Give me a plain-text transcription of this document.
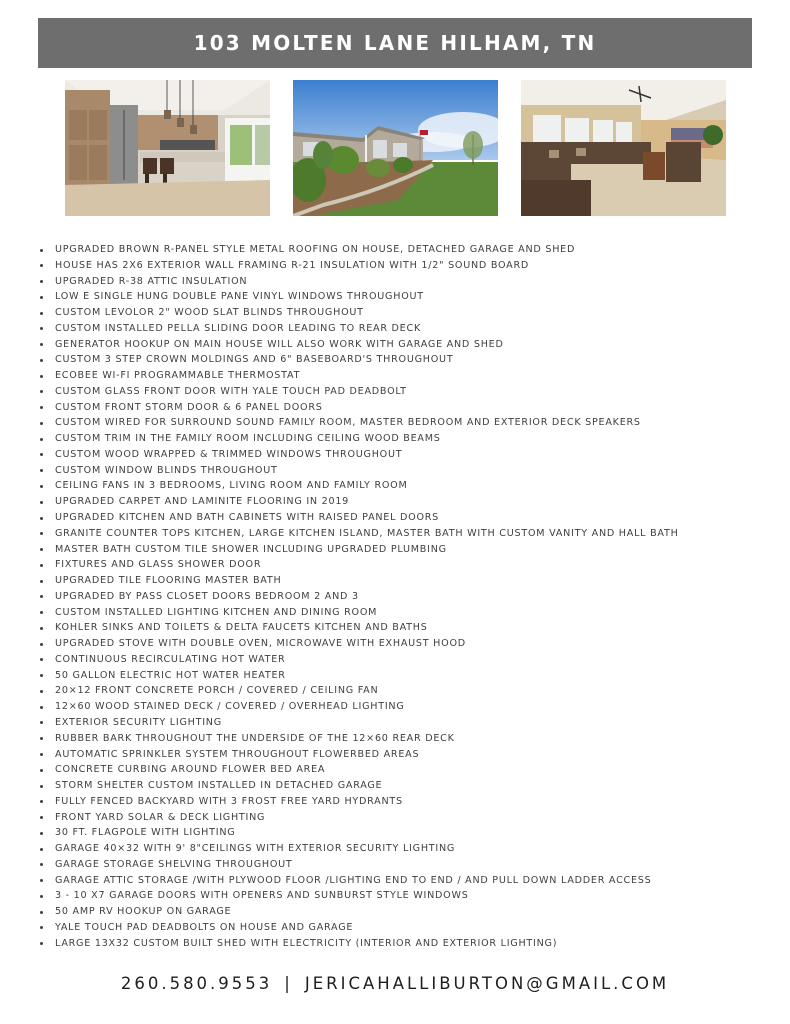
103 MOLTEN LANE HILHAM, TN
UPGRADED BROWN R-PANEL STYLE METAL ROOFING ON HOUSE, DETACHED GARAGE AND SHED
HOUSE HAS 2X6 EXTERIOR WALL FRAMING R-21 INSULATION WITH 1/2" SOUND BOARD
UPGRADED R-38 ATTIC INSULATION
LOW E SINGLE HUNG DOUBLE PANE VINYL WINDOWS THROUGHOUT
CUSTOM LEVOLOR 2" WOOD SLAT BLINDS THROUGHOUT
CUSTOM INSTALLED PELLA SLIDING DOOR LEADING TO REAR DECK
GENERATOR HOOKUP ON MAIN HOUSE WILL ALSO WORK WITH GARAGE AND SHED
CUSTOM 3 STEP CROWN MOLDINGS AND 6" BASEBOARD'S THROUGHOUT
ECOBEE WI-FI PROGRAMMABLE THERMOSTAT
CUSTOM GLASS FRONT DOOR WITH YALE TOUCH PAD DEADBOLT
CUSTOM FRONT STORM DOOR & 6 PANEL DOORS
CUSTOM WIRED FOR SURROUND SOUND FAMILY ROOM, MASTER BEDROOM AND EXTERIOR DECK SPEAKERS
CUSTOM TRIM IN THE FAMILY ROOM INCLUDING CEILING WOOD BEAMS
CUSTOM WOOD WRAPPED & TRIMMED WINDOWS THROUGHOUT
CUSTOM WINDOW BLINDS THROUGHOUT
CEILING FANS IN 3 BEDROOMS, LIVING ROOM AND FAMILY ROOM
UPGRADED CARPET AND LAMINITE FLOORING IN 2019
UPGRADED KITCHEN AND BATH CABINETS WITH RAISED PANEL DOORS
GRANITE COUNTER TOPS KITCHEN, LARGE KITCHEN ISLAND, MASTER BATH WITH CUSTOM VANITY AND HALL BATH
MASTER BATH CUSTOM TILE SHOWER INCLUDING UPGRADED PLUMBING
FIXTURES AND GLASS SHOWER DOOR
UPGRADED TILE FLOORING MASTER BATH
UPGRADED BY PASS CLOSET DOORS BEDROOM 2 AND 3
CUSTOM INSTALLED LIGHTING KITCHEN AND DINING ROOM
KOHLER SINKS AND TOILETS & DELTA FAUCETS KITCHEN AND BATHS
UPGRADED STOVE WITH DOUBLE OVEN, MICROWAVE WITH EXHAUST HOOD
CONTINUOUS RECIRCULATING HOT WATER
50 GALLON ELECTRIC HOT WATER HEATER
20×12 FRONT CONCRETE PORCH / COVERED / CEILING FAN
12×60 WOOD STAINED DECK / COVERED / OVERHEAD LIGHTING
EXTERIOR SECURITY LIGHTING
RUBBER BARK THROUGHOUT THE UNDERSIDE OF THE 12×60 REAR DECK
AUTOMATIC SPRINKLER SYSTEM THROUGHOUT FLOWERBED AREAS
CONCRETE CURBING AROUND FLOWER BED AREA
STORM SHELTER CUSTOM INSTALLED IN DETACHED GARAGE
FULLY FENCED BACKYARD WITH 3 FROST FREE YARD HYDRANTS
FRONT YARD SOLAR & DECK LIGHTING
30 FT. FLAGPOLE WITH LIGHTING
GARAGE 40×32 WITH 9' 8"CEILINGS WITH EXTERIOR SECURITY LIGHTING
GARAGE STORAGE SHELVING THROUGHOUT
GARAGE ATTIC STORAGE /WITH PLYWOOD FLOOR /LIGHTING END TO END / AND PULL DOWN LADDER ACCESS
3 - 10 X7 GARAGE DOORS WITH OPENERS AND SUNBURST STYLE WINDOWS
50 AMP RV HOOKUP ON GARAGE
YALE TOUCH PAD DEADBOLTS ON HOUSE AND GARAGE
LARGE 13X32 CUSTOM BUILT SHED WITH ELECTRICITY (INTERIOR AND EXTERIOR LIGHTING)
260.580.9553 | JERICAHALLIBURTON@GMAIL.COM
